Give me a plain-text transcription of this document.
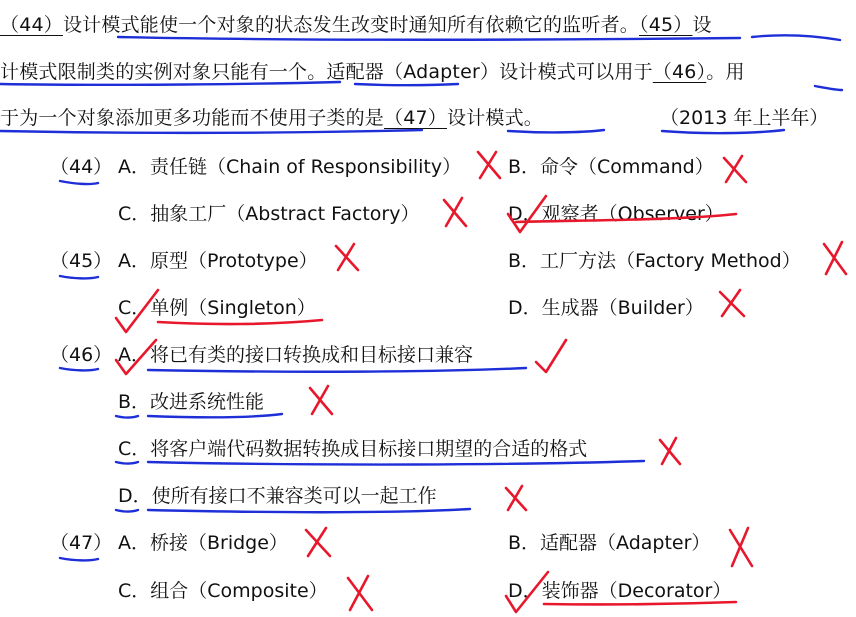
（44）设计模式能使一个对象的状态发生改变时通知所有依赖它的监听者。（45）设
计模式限制类的实例对象只能有一个。适配器（Adapter）设计模式可以用于（46）。用
于为一个对象添加更多功能而不使用子类的是（47）设计模式。	（2013 年上半年）
（44） A．责任链（Chain of Responsibility） B．命令（Command）
C．抽象工厂（Abstract Factory）	D．观察者（Observer）
（45） A．原型（Prototype）	B．工厂方法（Factory Method）
C．单例（Singleton）	D．生成器（Builder）
（46） A．将已有类的接口转换成和目标接口兼容
B．改进系统性能
C．将客户端代码数据转换成目标接口期望的合适的格式
D．使所有接口不兼容类可以一起工作
（47） A．桥接（Bridge）	B．适配器（Adapter）
C．组合（Composite）	D．装饰器（Decorator）
